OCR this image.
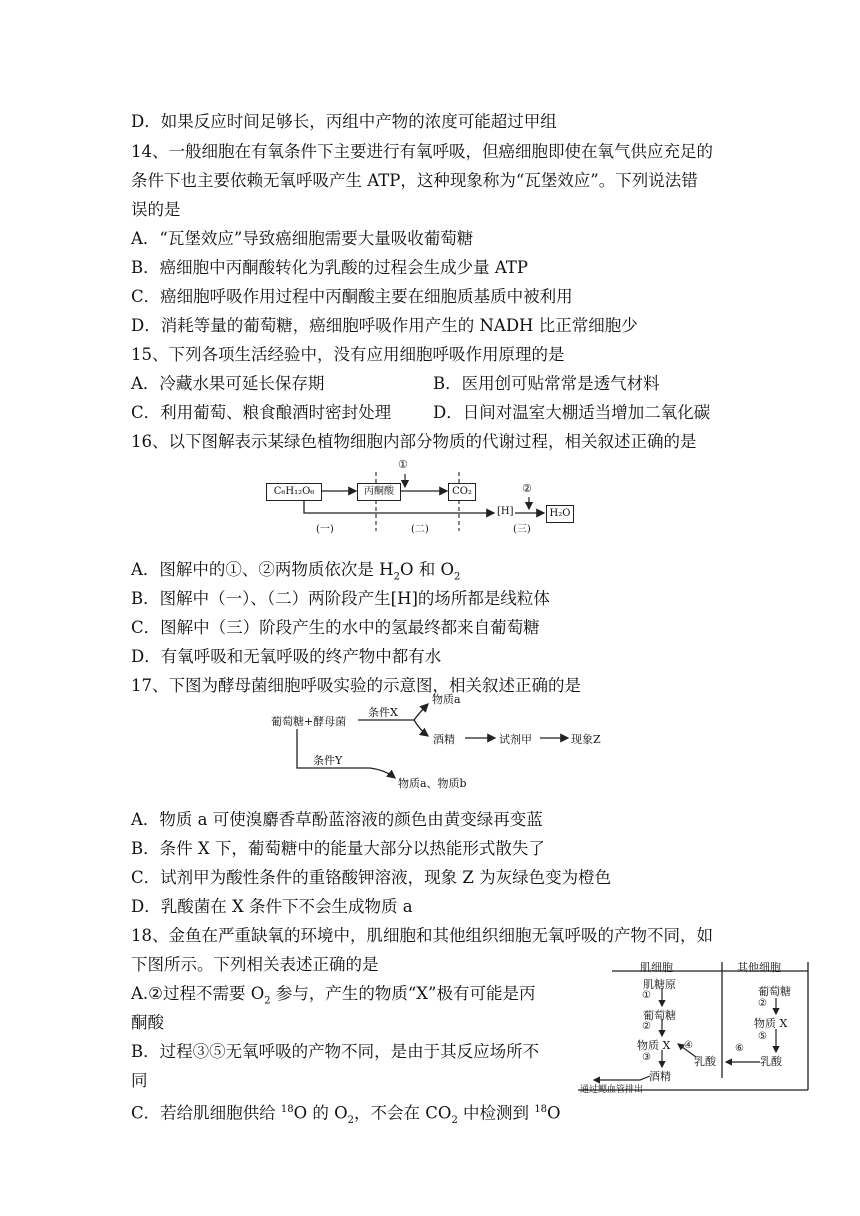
D．如果反应时间足够长，丙组中产物的浓度可能超过甲组
14、一般细胞在有氧条件下主要进行有氧呼吸，但癌细胞即使在氧气供应充足的
条件下也主要依赖无氧呼吸产生 ATP，这种现象称为“瓦堡效应”。下列说法错
误的是
A．“瓦堡效应”导致癌细胞需要大量吸收葡萄糖
B．癌细胞中丙酮酸转化为乳酸的过程会生成少量 ATP
C．癌细胞呼吸作用过程中丙酮酸主要在细胞质基质中被利用
D．消耗等量的葡萄糖，癌细胞呼吸作用产生的 NADH 比正常细胞少
15、下列各项生活经验中，没有应用细胞呼吸作用原理的是
A．冷藏水果可延长保存期	B．医用创可贴常常是透气材料
C．利用葡萄、粮食酿酒时密封处理	D．日间对温室大棚适当增加二氧化碳
16、以下图解表示某绿色植物细胞内部分物质的代谢过程，相关叙述正确的是
C₆H₁₂O₆	丙酮酸	CO₂
H₂O
[H]
①
②
(一)	(二)	(三)
A．图解中的①、②两物质依次是 $H_2O$ 和 $O_2$
B．图解中（一）、（二）两阶段产生[H]的场所都是线粒体
C．图解中（三）阶段产生的水中的氢最终都来自葡萄糖
D．有氧呼吸和无氧呼吸的终产物中都有水
17、下图为酵母菌细胞呼吸实验的示意图，相关叙述正确的是
葡萄糖+酵母菌
条件X
物质a
酒精	试剂甲	现象Z
条件Y
物质a、物质b
A．物质 a 可使溴麝香草酚蓝溶液的颜色由黄变绿再变蓝
B．条件 X 下，葡萄糖中的能量大部分以热能形式散失了
C．试剂甲为酸性条件的重铬酸钾溶液，现象 Z 为灰绿色变为橙色
D．乳酸菌在 X 条件下不会生成物质 a
18、金鱼在严重缺氧的环境中，肌细胞和其他组织细胞无氧呼吸的产物不同，如
下图所示。下列相关表述正确的是
A.②过程不需要 $O_2$ 参与，产生的物质“X”极有可能是丙
酮酸
B．过程③⑤无氧呼吸的产物不同，是由于其反应场所不
同
C．若给肌细胞供给 $^{18}$O 的 $O_2$，不会在 $CO_2$ 中检测到 $^{18}$O
肌细胞	其他细胞
肌糖原
①
葡萄糖
②
物质 X
③
酒精
④
乳酸
葡萄糖
②
物质 X
⑤
⑥
乳酸
通过鳃血管排出
